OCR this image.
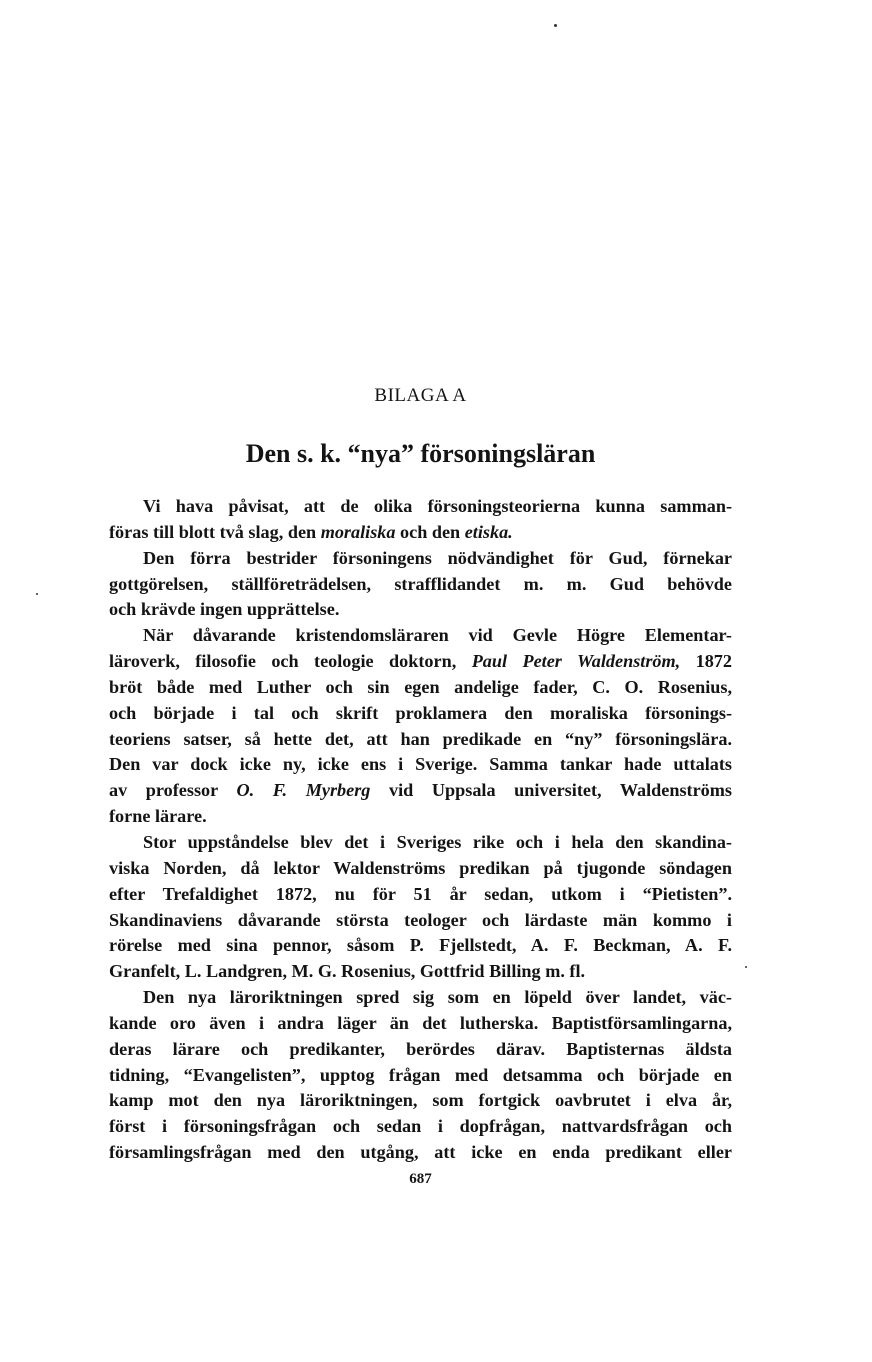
BILAGA A
Den s. k. “nya” försoningsläran

Vi hava påvisat, att de olika försoningsteorierna kunna samman-
föras till blott två slag, den moraliska och den etiska.

Den förra bestrider försoningens nödvändighet för Gud, förnekar
gottgörelsen, ställföreträdelsen, strafflidandet m. m. Gud behövde
och krävde ingen upprättelse.

När dåvarande kristendomsläraren vid Gevle Högre Elementar-
läroverk, filosofie och teologie doktorn, Paul Peter Waldenström, 1872
bröt både med Luther och sin egen andelige fader, C. O. Rosenius,
och började i tal och skrift proklamera den moraliska försonings-
teoriens satser, så hette det, att han predikade en “ny” försoningslära.
Den var dock icke ny, icke ens i Sverige. Samma tankar hade uttalats
av professor O. F. Myrberg vid Uppsala universitet, Waldenströms
forne lärare.

Stor uppståndelse blev det i Sveriges rike och i hela den skandina-
viska Norden, då lektor Waldenströms predikan på tjugonde söndagen
efter Trefaldighet 1872, nu för 51 år sedan, utkom i “Pietisten”.
Skandinaviens dåvarande största teologer och lärdaste män kommo i
rörelse med sina pennor, såsom P. Fjellstedt, A. F. Beckman, A. F.
Granfelt, L. Landgren, M. G. Rosenius, Gottfrid Billing m. fl.

Den nya läroriktningen spred sig som en löpeld över landet, väc-
kande oro även i andra läger än det lutherska. Baptistförsamlingarna,
deras lärare och predikanter, berördes därav. Baptisternas äldsta
tidning, “Evangelisten”, upptog frågan med detsamma och började en
kamp mot den nya läroriktningen, som fortgick oavbrutet i elva år,
först i försoningsfrågan och sedan i dopfrågan, nattvardsfrågan och
församlingsfrågan med den utgång, att icke en enda predikant eller

687
